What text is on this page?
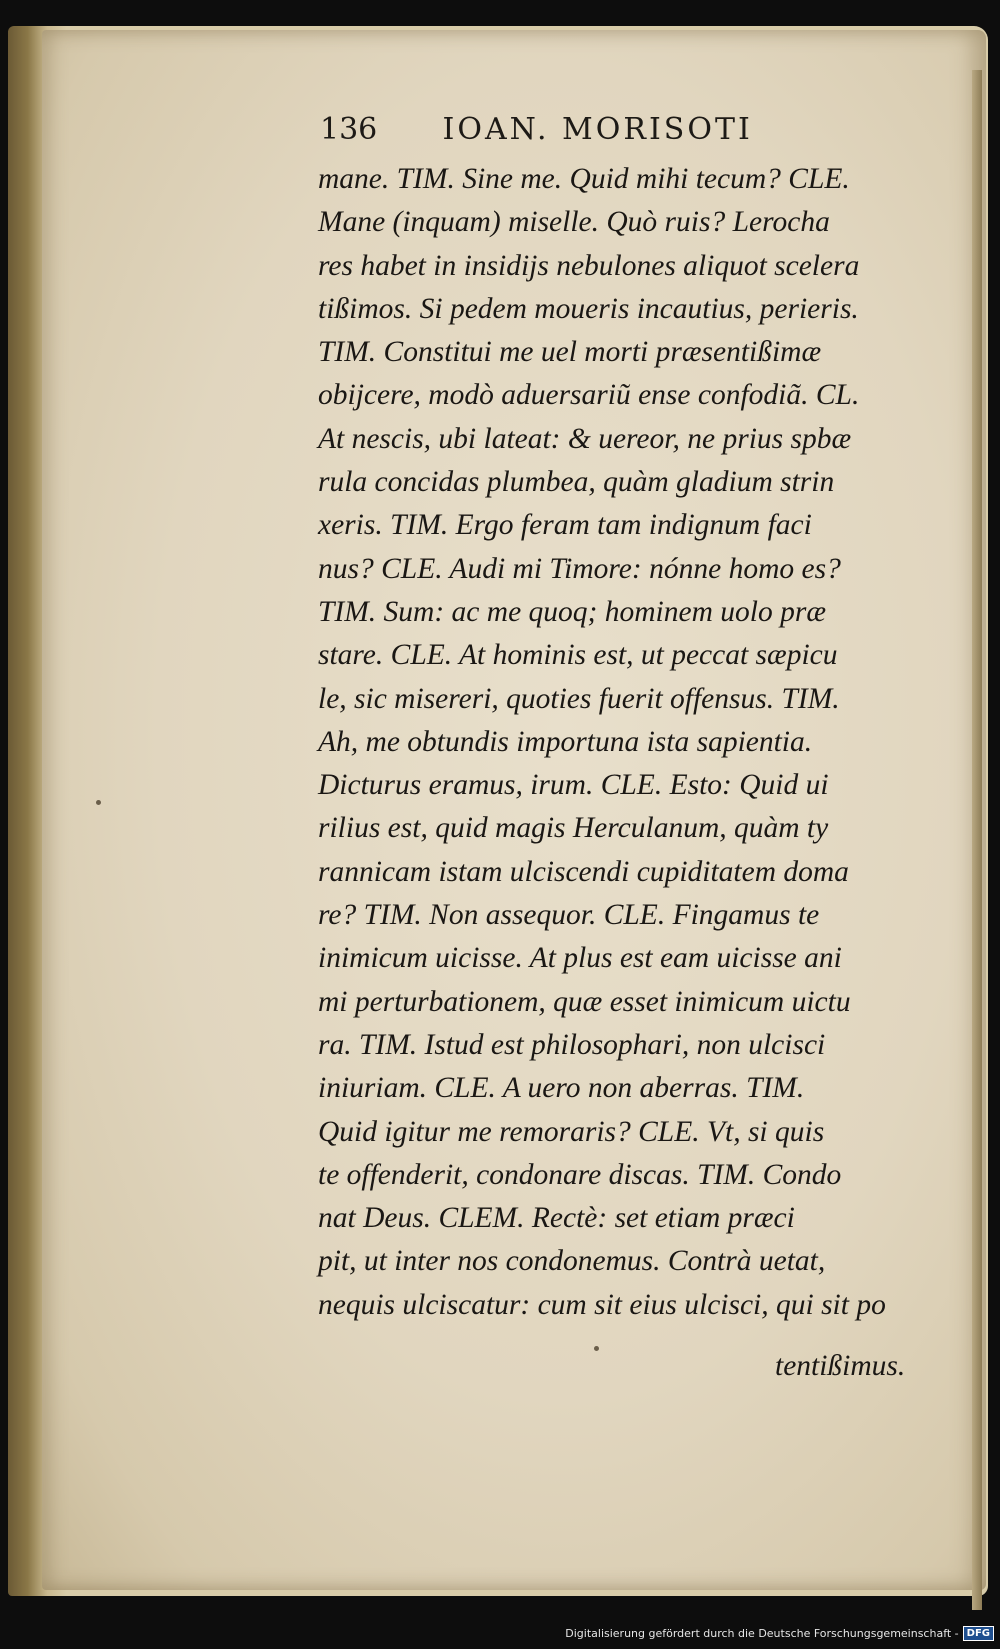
136 IOAN. MORISOTI
mane. TIM. Sine me. Quid mihi tecum? CLE.
Mane (inquam) miselle. Quò ruis? Lerocha
res habet in insidijs nebulones aliquot scelera
tißimos. Si pedem moueris incautius, perieris.
TIM. Constitui me uel morti præsentißimæ
obijcere, modò aduersariũ ense confodiã. CL.
At nescis, ubi lateat: & uereor, ne prius spbæ
rula concidas plumbea, quàm gladium strin
xeris. TIM. Ergo feram tam indignum faci
nus? CLE. Audi mi Timore: nónne homo es?
TIM. Sum: ac me quoq; hominem uolo præ
stare. CLE. At hominis est, ut peccat sæpicu
le, sic misereri, quoties fuerit offensus. TIM.
Ah, me obtundis importuna ista sapientia.
Dicturus eramus, irum. CLE. Esto: Quid ui
rilius est, quid magis Herculanum, quàm ty
rannicam istam ulciscendi cupiditatem doma
re? TIM. Non assequor. CLE. Fingamus te
inimicum uicisse. At plus est eam uicisse ani
mi perturbationem, quæ esset inimicum uictu
ra. TIM. Istud est philosophari, non ulcisci
iniuriam. CLE. A uero non aberras. TIM.
Quid igitur me remoraris? CLE. Vt, si quis
te offenderit, condonare discas. TIM. Condo
nat Deus. CLEM. Rectè: set etiam præci
pit, ut inter nos condonemus. Contrà uetat,
nequis ulciscatur: cum sit eius ulcisci, qui sit po
tentißimus.
Digitalisierung gefördert durch die Deutsche Forschungsgemeinschaft - DFG
